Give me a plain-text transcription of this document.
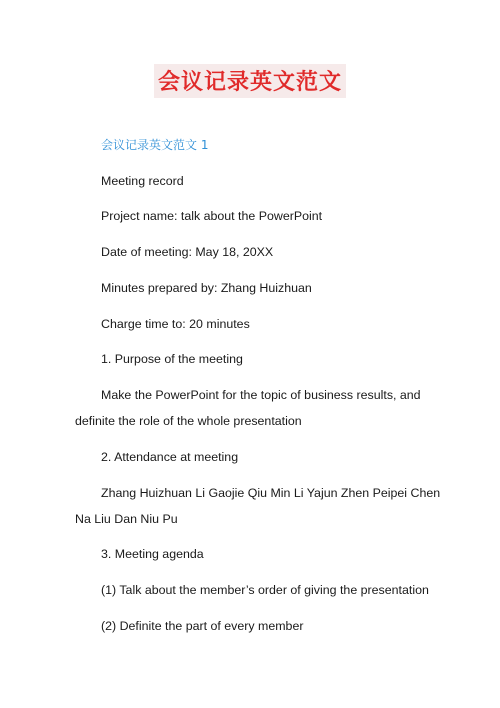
会议记录英文范文
会议记录英文范文 1
Meeting record
Project name: talk about the PowerPoint
Date of meeting: May 18, 20XX
Minutes prepared by: Zhang Huizhuan
Charge time to: 20 minutes
1. Purpose of the meeting
Make the PowerPoint for the topic of business results, and
definite the role of the whole presentation
2. Attendance at meeting
Zhang Huizhuan Li Gaojie Qiu Min Li Yajun Zhen Peipei Chen
Na Liu Dan Niu Pu
3. Meeting agenda
(1) Talk about the member’s order of giving the presentation
(2) Definite the part of every member
